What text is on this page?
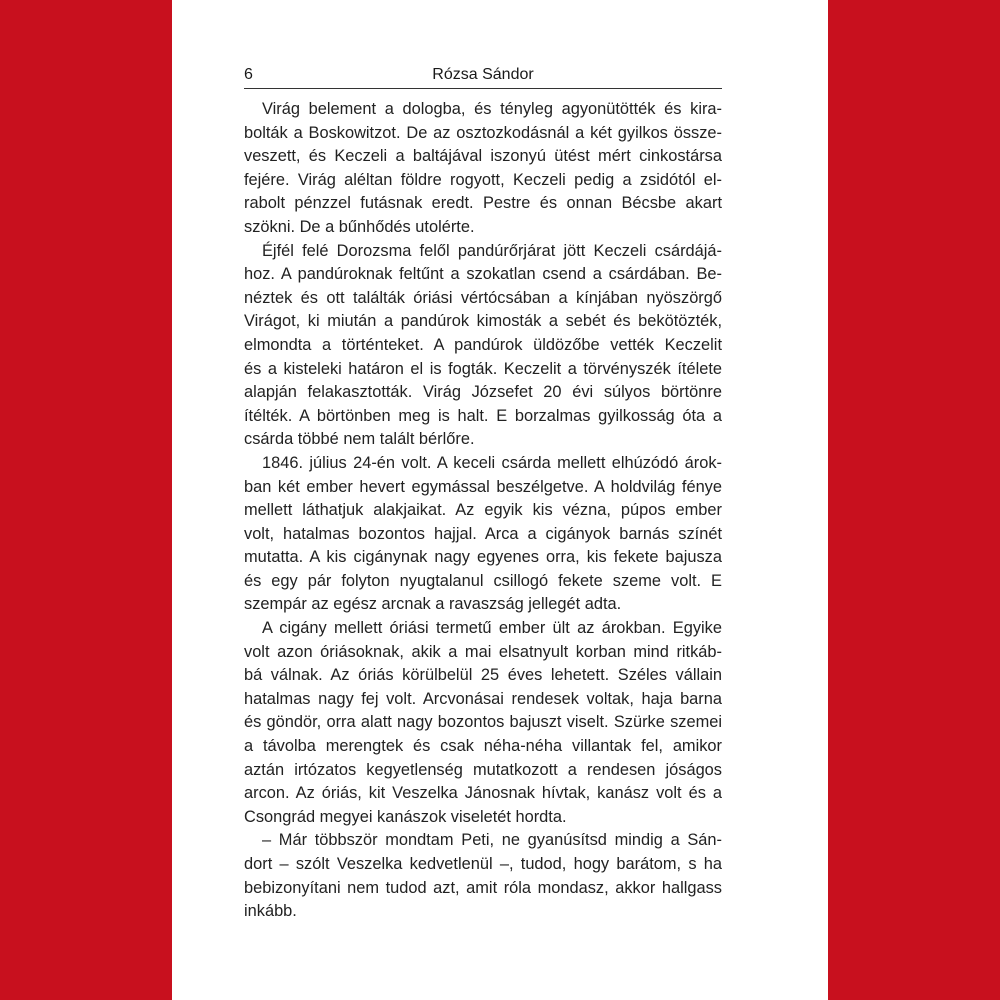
6	Rózsa Sándor
Virág belement a dologba, és tényleg agyonütötték és kira-
bolták a Boskowitzot. De az osztozkodásnál a két gyilkos össze-
veszett, és Keczeli a baltájával iszonyú ütést mért cinkostársa
fejére. Virág aléltan földre rogyott, Keczeli pedig a zsidótól el-
rabolt pénzzel futásnak eredt. Pestre és onnan Bécsbe akart
szökni. De a bűnhődés utolérte.
Éjfél felé Dorozsma felől pandúrőrjárat jött Keczeli csárdájá-
hoz. A pandúroknak feltűnt a szokatlan csend a csárdában. Be-
néztek és ott találták óriási vértócsában a kínjában nyöszörgő
Virágot, ki miután a pandúrok kimosták a sebét és bekötözték,
elmondta a történteket. A pandúrok üldözőbe vették Keczelit
és a kisteleki határon el is fogták. Keczelit a törvényszék ítélete
alapján felakasztották. Virág Józsefet 20 évi súlyos börtönre
ítélték. A börtönben meg is halt. E borzalmas gyilkosság óta a
csárda többé nem talált bérlőre.
1846. július 24-én volt. A keceli csárda mellett elhúzódó árok-
ban két ember hevert egymással beszélgetve. A holdvilág fénye
mellett láthatjuk alakjaikat. Az egyik kis vézna, púpos ember
volt, hatalmas bozontos hajjal. Arca a cigányok barnás színét
mutatta. A kis cigánynak nagy egyenes orra, kis fekete bajusza
és egy pár folyton nyugtalanul csillogó fekete szeme volt. E
szempár az egész arcnak a ravaszság jellegét adta.
A cigány mellett óriási termetű ember ült az árokban. Egyike
volt azon óriásoknak, akik a mai elsatnyult korban mind ritkáb-
bá válnak. Az óriás körülbelül 25 éves lehetett. Széles vállain
hatalmas nagy fej volt. Arcvonásai rendesek voltak, haja barna
és göndör, orra alatt nagy bozontos bajuszt viselt. Szürke szemei
a távolba merengtek és csak néha-néha villantak fel, amikor
aztán irtózatos kegyetlenség mutatkozott a rendesen jóságos
arcon. Az óriás, kit Veszelka Jánosnak hívtak, kanász volt és a
Csongrád megyei kanászok viseletét hordta.
– Már többször mondtam Peti, ne gyanúsítsd mindig a Sán-
dort – szólt Veszelka kedvetlenül –, tudod, hogy barátom, s ha
bebizonyítani nem tudod azt, amit róla mondasz, akkor hallgass
inkább.
